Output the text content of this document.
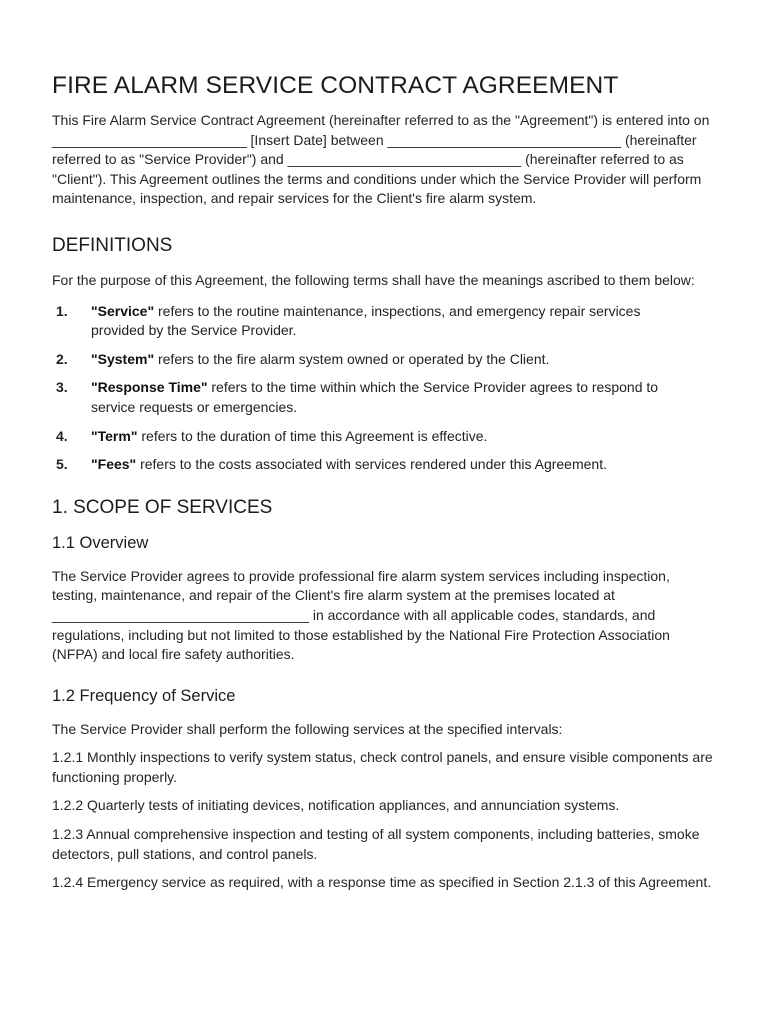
FIRE ALARM SERVICE CONTRACT AGREEMENT

This Fire Alarm Service Contract Agreement (hereinafter referred to as the "Agreement") is entered into on _________________________ [Insert Date] between ______________________________ (hereinafter referred to as "Service Provider") and ______________________________ (hereinafter referred to as "Client"). This Agreement outlines the terms and conditions under which the Service Provider will perform maintenance, inspection, and repair services for the Client's fire alarm system.

DEFINITIONS

For the purpose of this Agreement, the following terms shall have the meanings ascribed to them below:

1.	"Service" refers to the routine maintenance, inspections, and emergency repair services provided by the Service Provider.
2.	"System" refers to the fire alarm system owned or operated by the Client.
3.	"Response Time" refers to the time within which the Service Provider agrees to respond to service requests or emergencies.
4.	"Term" refers to the duration of time this Agreement is effective.
5.	"Fees" refers to the costs associated with services rendered under this Agreement.
1. SCOPE OF SERVICES
1.1 Overview

The Service Provider agrees to provide professional fire alarm system services including inspection, testing, maintenance, and repair of the Client's fire alarm system at the premises located at _________________________________ in accordance with all applicable codes, standards, and regulations, including but not limited to those established by the National Fire Protection Association (NFPA) and local fire safety authorities.

1.2 Frequency of Service

The Service Provider shall perform the following services at the specified intervals:

1.2.1 Monthly inspections to verify system status, check control panels, and ensure visible components are functioning properly.

1.2.2 Quarterly tests of initiating devices, notification appliances, and annunciation systems.

1.2.3 Annual comprehensive inspection and testing of all system components, including batteries, smoke detectors, pull stations, and control panels.

1.2.4 Emergency service as required, with a response time as specified in Section 2.1.3 of this Agreement.
